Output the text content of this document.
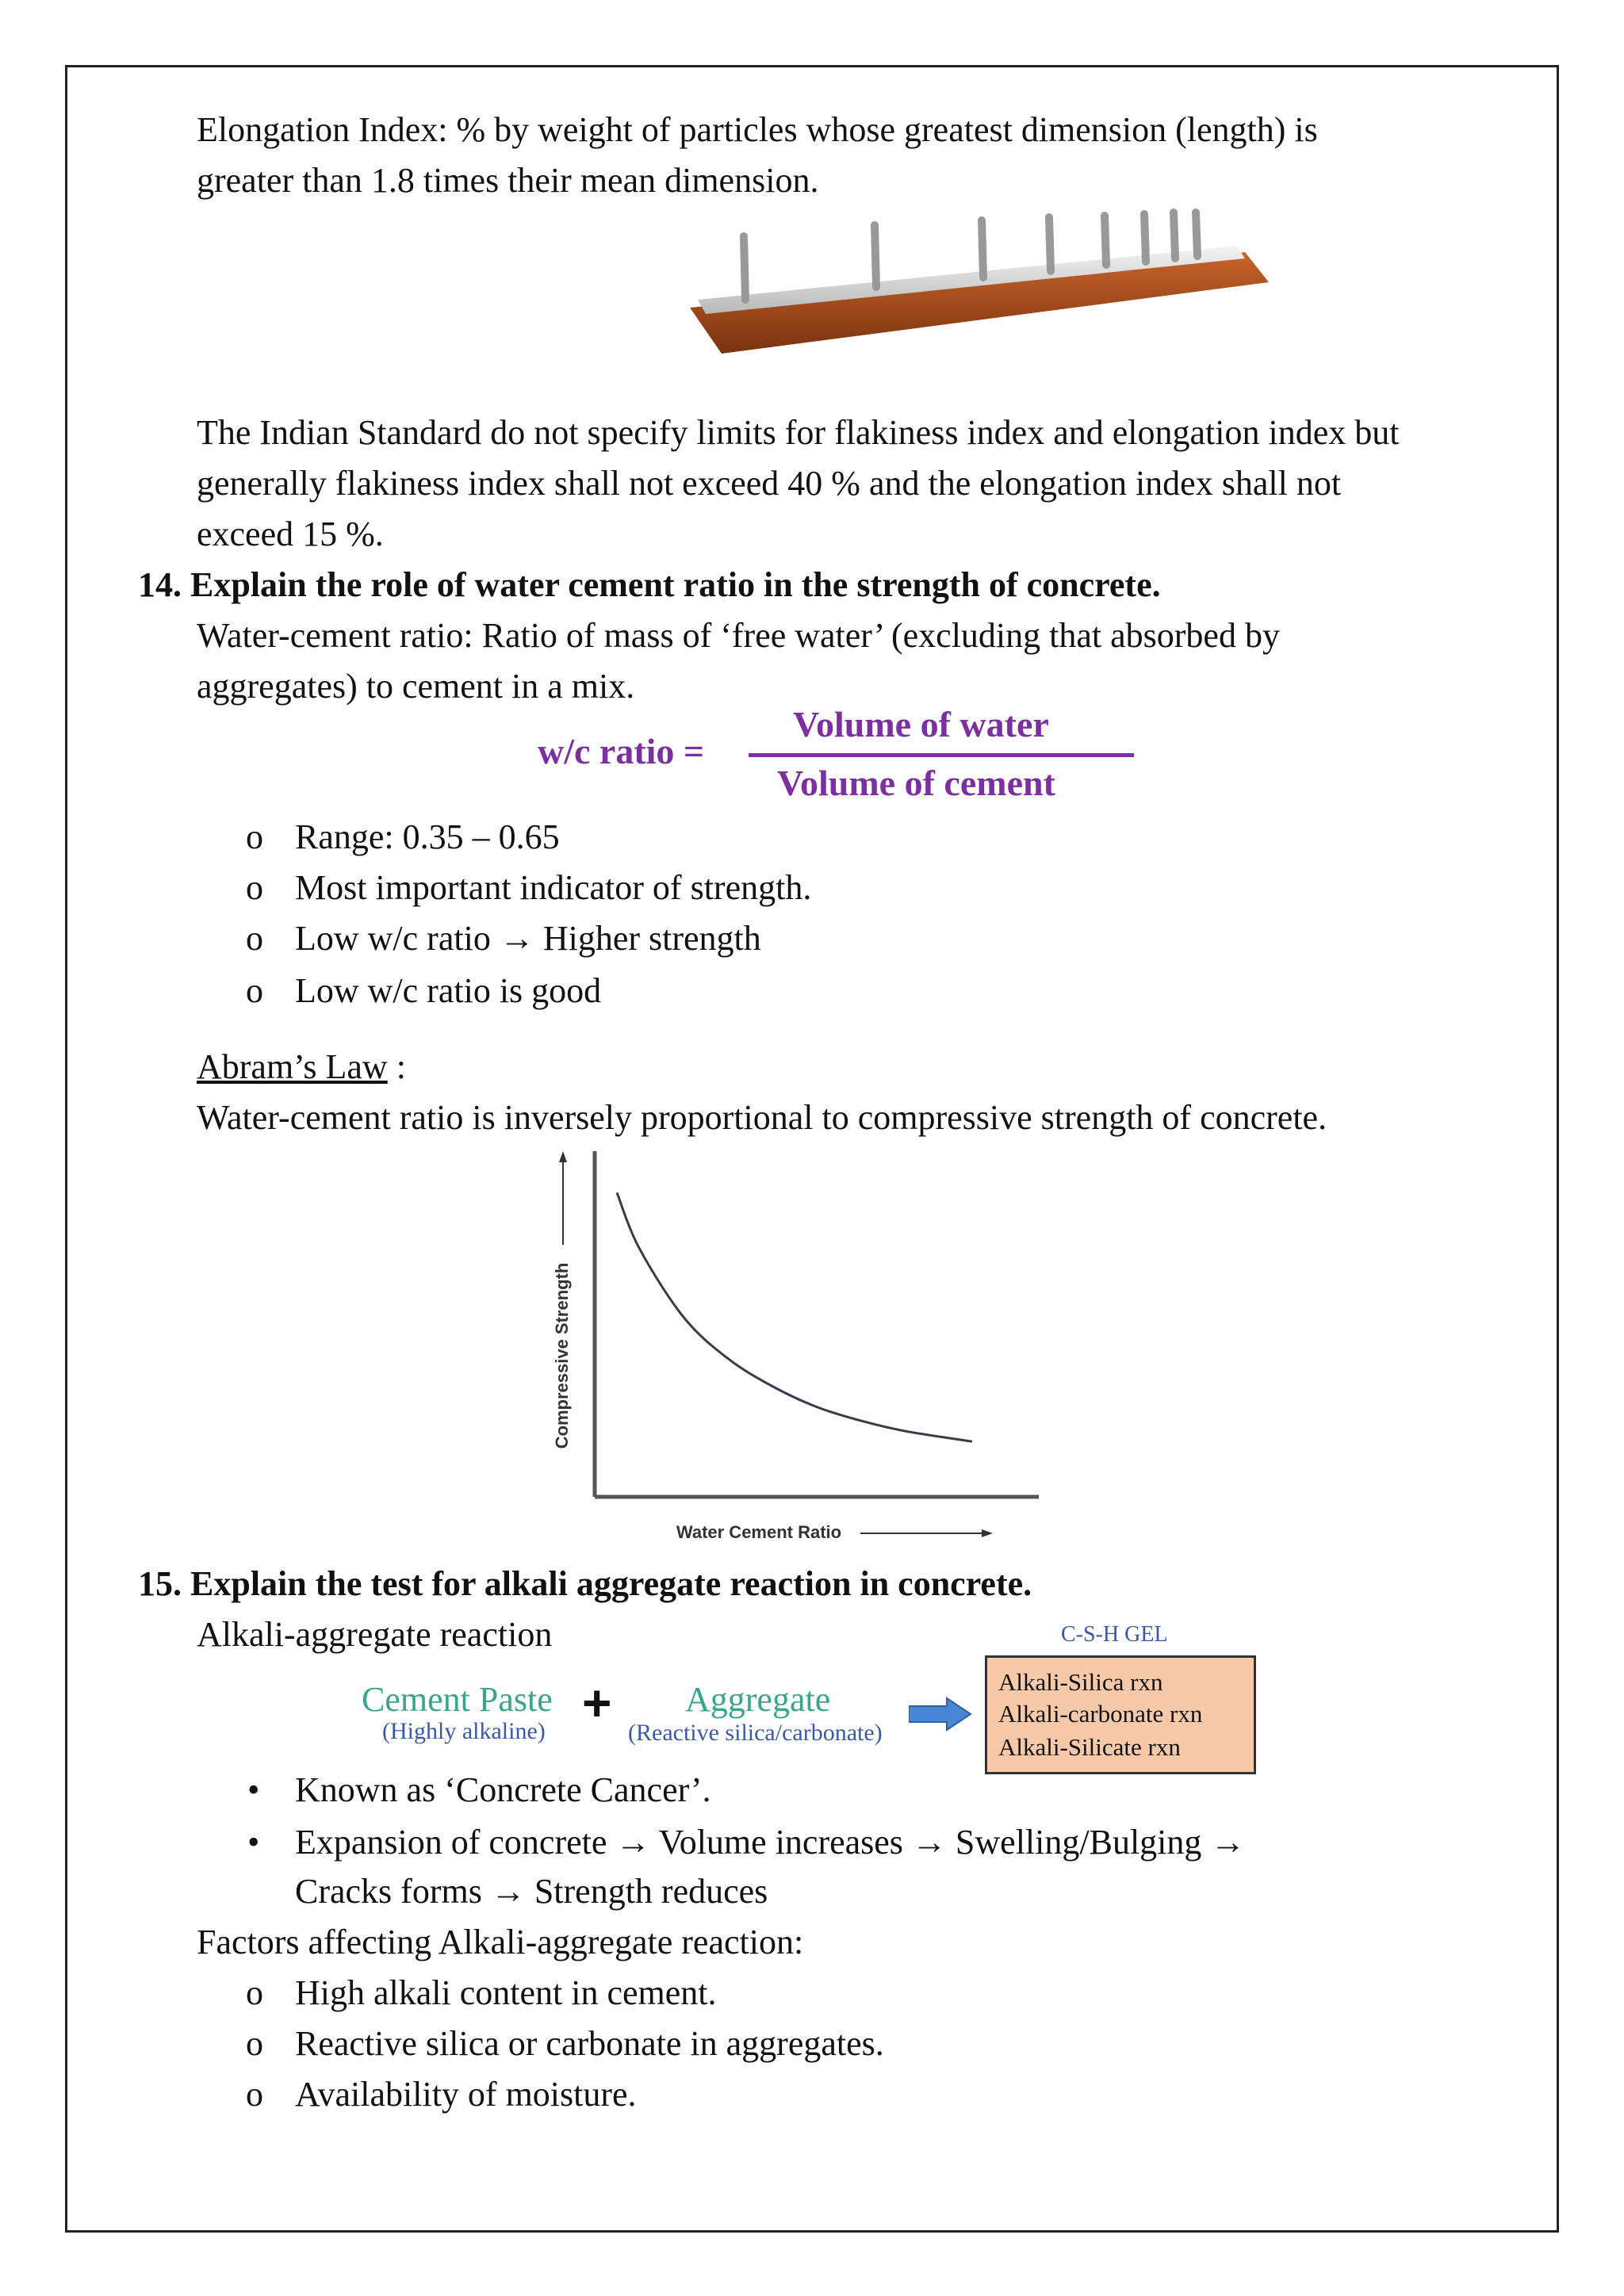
Elongation Index: % by weight of particles whose greatest dimension (length) is
greater than 1.8 times their mean dimension.
The Indian Standard do not specify limits for flakiness index and elongation index but
generally flakiness index shall not exceed 40 % and the elongation index shall not
exceed 15 %.
14. Explain the role of water cement ratio in the strength of concrete.
Water-cement ratio: Ratio of mass of ‘free water’ (excluding that absorbed by
aggregates) to cement in a mix.
w/c ratio =
Volume of water
Volume of cement
o Range: 0.35 – 0.65
o Most important indicator of strength.
o Low w/c ratio → Higher strength
o Low w/c ratio is good
Abram’s Law :
Water-cement ratio is inversely proportional to compressive strength of concrete.
Compressive Strength
Water Cement Ratio
15. Explain the test for alkali aggregate reaction in concrete.
Alkali-aggregate reaction
Cement Paste
(Highly alkaline) + Aggregate
(Reactive silica/carbonate)
C-S-H GEL
Alkali-Silica rxn
Alkali-carbonate rxn
Alkali-Silicate rxn
• Known as ‘Concrete Cancer’.
• Expansion of concrete → Volume increases → Swelling/Bulging →
Cracks forms → Strength reduces
Factors affecting Alkali-aggregate reaction:
o High alkali content in cement.
o Reactive silica or carbonate in aggregates.
o Availability of moisture.
